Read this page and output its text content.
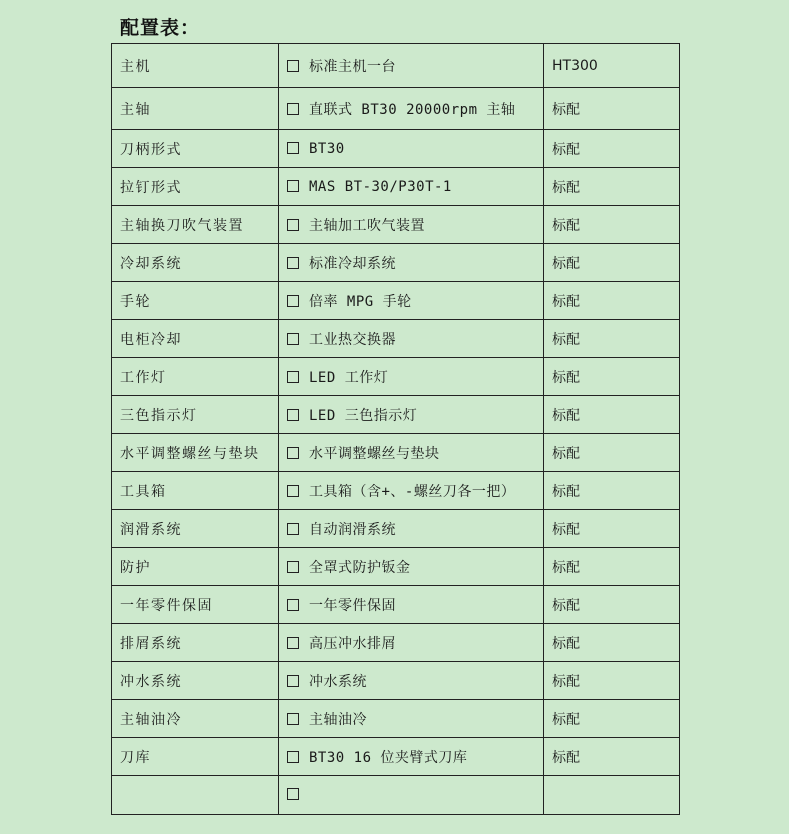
配置表：
主机	标准主机一台	HT300
主轴	直联式 BT30 20000rpm 主轴	标配
刀柄形式	BT30	标配
拉钉形式	MAS BT-30/P30T-1	标配
主轴换刀吹气装置	主轴加工吹气装置	标配
冷却系统	标准冷却系统	标配
手轮	倍率 MPG 手轮	标配
电柜冷却	工业热交换器	标配
工作灯	LED 工作灯	标配
三色指示灯	LED 三色指示灯	标配
水平调整螺丝与垫块	水平调整螺丝与垫块	标配
工具箱	工具箱（含+、-螺丝刀各一把）	标配
润滑系统	自动润滑系统	标配
防护	全罩式防护钣金	标配
一年零件保固	一年零件保固	标配
排屑系统	高压冲水排屑	标配
冲水系统	冲水系统	标配
主轴油冷	主轴油冷	标配
刀库	BT30 16 位夹臂式刀库	标配
